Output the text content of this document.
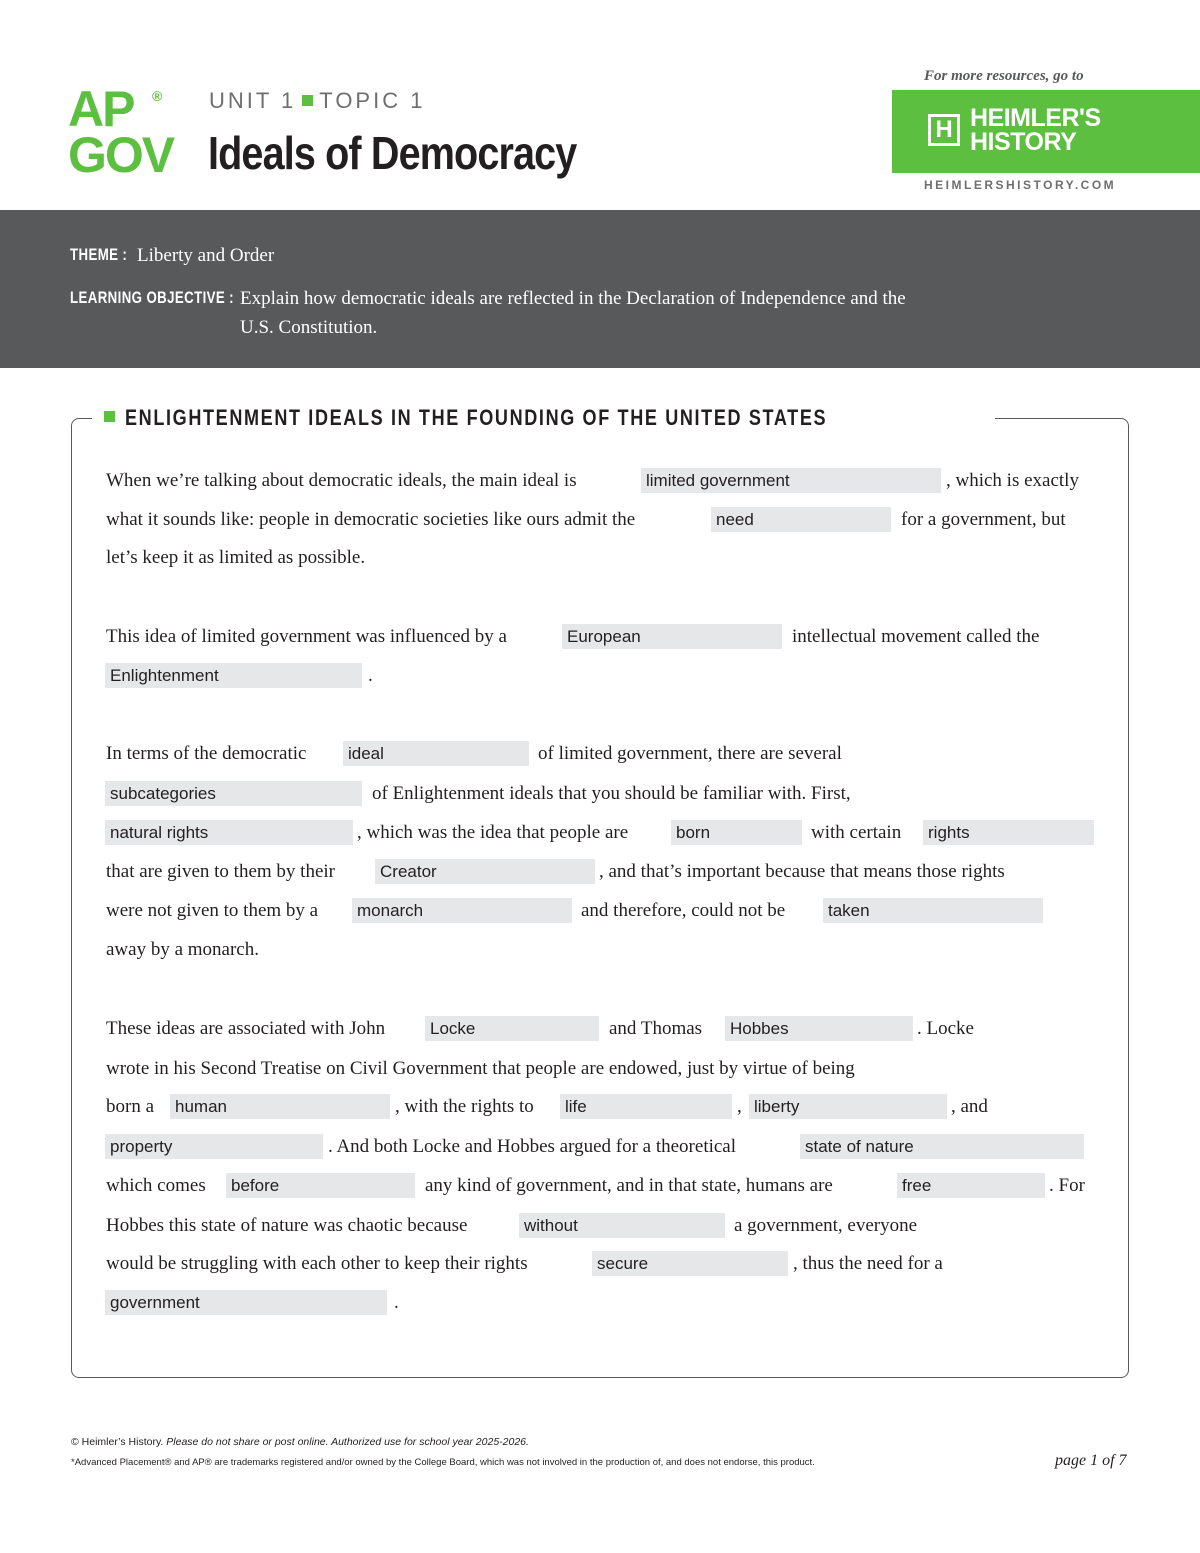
AP ®
GOV
UNIT 1 TOPIC 1
Ideals of Democracy
For more resources, go to
H HEIMLER'S
HISTORY
HEIMLERSHISTORY.COM
THEME : Liberty and Order
LEARNING OBJECTIVE : Explain how democratic ideals are reflected in the Declaration of Independence and the
U.S. Constitution.
ENLIGHTENMENT IDEALS IN THE FOUNDING OF THE UNITED STATES
When we’re talking about democratic ideals, the main ideal is	limited government	, which is exactly
what it sounds like: people in democratic societies like ours admit the	need	for a government, but
let’s keep it as limited as possible.
This idea of limited government was influenced by a	European	intellectual movement called the
Enlightenment	.
In terms of the democratic ideal	of limited government, there are several
subcategories	of Enlightenment ideals that you should be familiar with. First,
natural rights	, which was the idea that people are	born	with certain rights
that are given to them by their	Creator	, and that’s important because that means those rights
were not given to them by a monarch	and therefore, could not be	taken
away by a monarch.
These ideas are associated with John	Locke	and Thomas Hobbes	. Locke
wrote in his Second Treatise on Civil Government that people are endowed, just by virtue of being
born a human	, with the rights to life	, liberty	, and
property	. And both Locke and Hobbes argued for a theoretical	state of nature
which comes before	any kind of government, and in that state, humans are	free	. For
Hobbes this state of nature was chaotic because	without	a government, everyone
would be struggling with each other to keep their rights	secure	, thus the need for a
government	.
© Heimler’s History. Please do not share or post online. Authorized use for school year 2025-2026.
*Advanced Placement® and AP® are trademarks registered and/or owned by the College Board, which was not involved in the production of, and does not endorse, this product.	page 1 of 7
